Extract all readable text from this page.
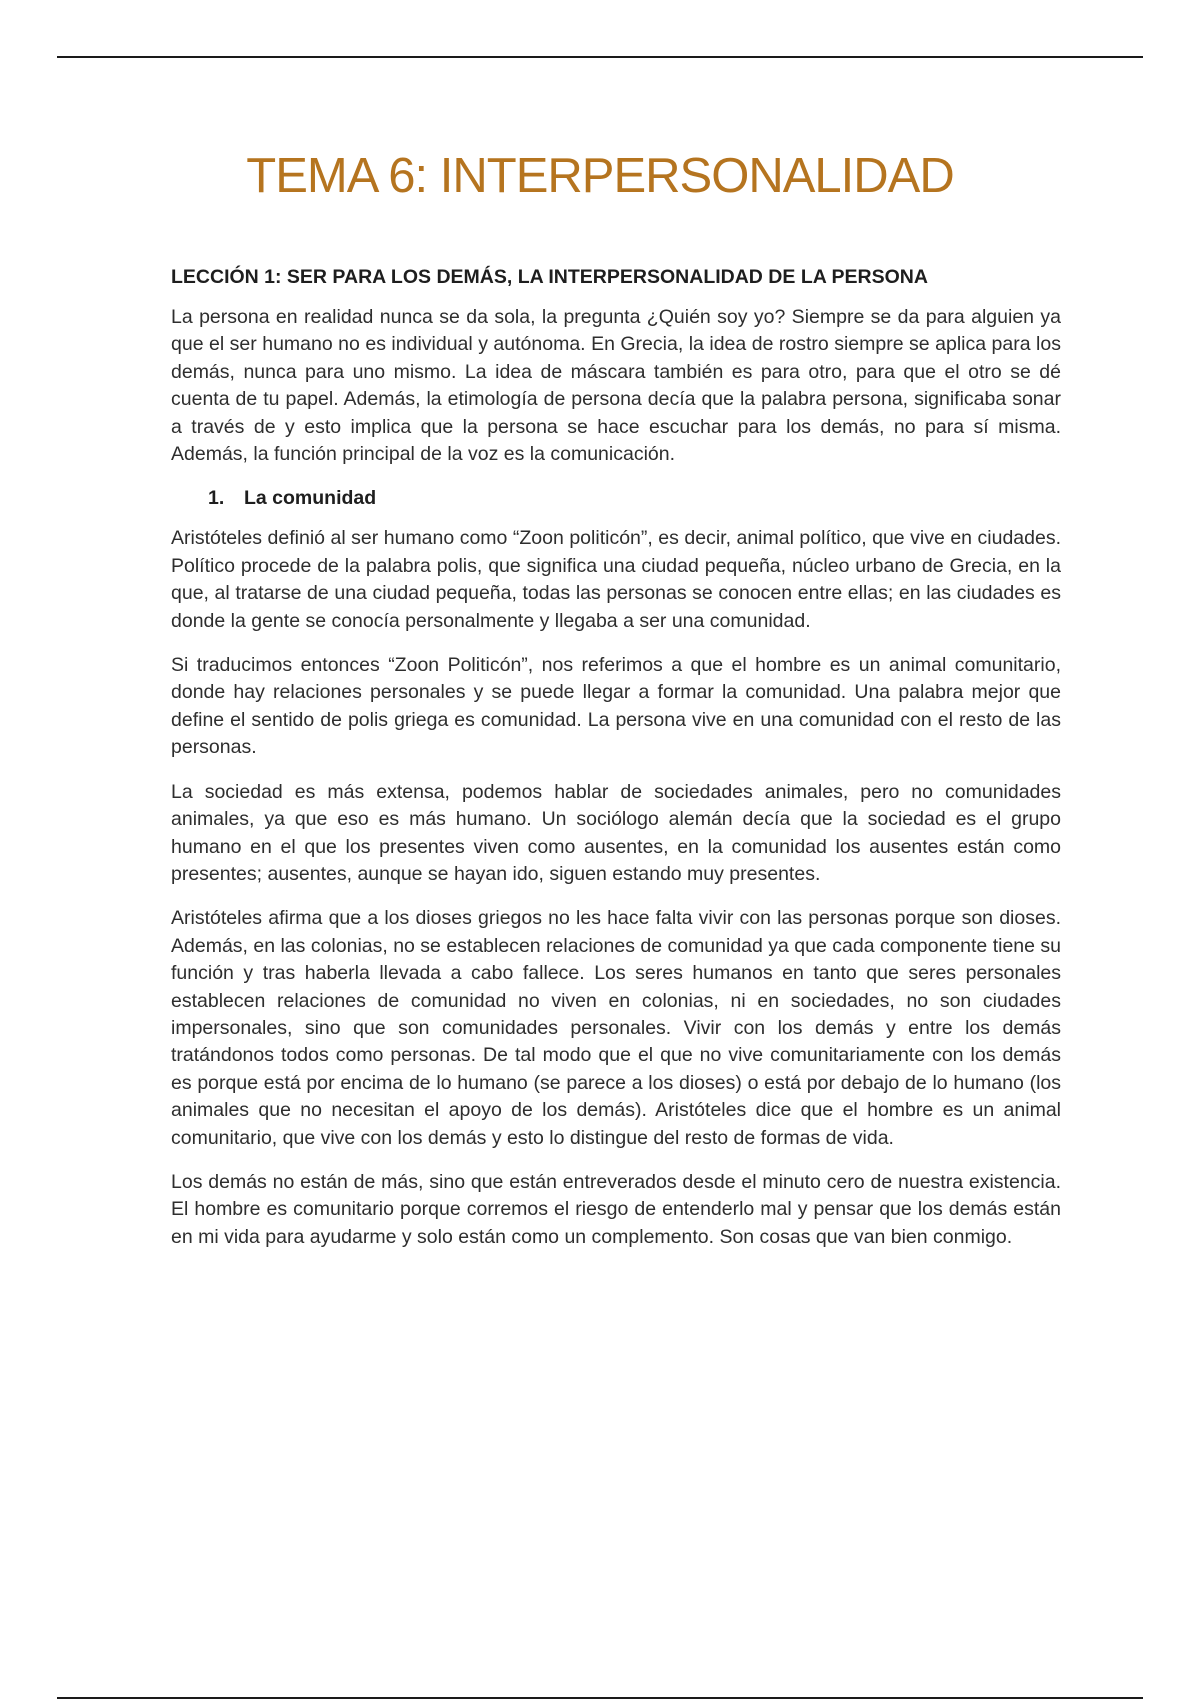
TEMA 6: INTERPERSONALIDAD
LECCIÓN 1: SER PARA LOS DEMÁS, LA INTERPERSONALIDAD DE LA PERSONA

La persona en realidad nunca se da sola, la pregunta ¿Quién soy yo? Siempre se da para alguien ya que el ser humano no es individual y autónoma. En Grecia, la idea de rostro siempre se aplica para los demás, nunca para uno mismo. La idea de máscara también es para otro, para que el otro se dé cuenta de tu papel. Además, la etimología de persona decía que la palabra persona, significaba sonar a través de y esto implica que la persona se hace escuchar para los demás, no para sí misma. Además, la función principal de la voz es la comunicación.

1. La comunidad

Aristóteles definió al ser humano como “Zoon politicón”, es decir, animal político, que vive en ciudades. Político procede de la palabra polis, que significa una ciudad pequeña, núcleo urbano de Grecia, en la que, al tratarse de una ciudad pequeña, todas las personas se conocen entre ellas; en las ciudades es donde la gente se conocía personalmente y llegaba a ser una comunidad.

Si traducimos entonces “Zoon Politicón”, nos referimos a que el hombre es un animal comunitario, donde hay relaciones personales y se puede llegar a formar la comunidad. Una palabra mejor que define el sentido de polis griega es comunidad. La persona vive en una comunidad con el resto de las personas.

La sociedad es más extensa, podemos hablar de sociedades animales, pero no comunidades animales, ya que eso es más humano. Un sociólogo alemán decía que la sociedad es el grupo humano en el que los presentes viven como ausentes, en la comunidad los ausentes están como presentes; ausentes, aunque se hayan ido, siguen estando muy presentes.

Aristóteles afirma que a los dioses griegos no les hace falta vivir con las personas porque son dioses. Además, en las colonias, no se establecen relaciones de comunidad ya que cada componente tiene su función y tras haberla llevada a cabo fallece. Los seres humanos en tanto que seres personales establecen relaciones de comunidad no viven en colonias, ni en sociedades, no son ciudades impersonales, sino que son comunidades personales. Vivir con los demás y entre los demás tratándonos todos como personas. De tal modo que el que no vive comunitariamente con los demás es porque está por encima de lo humano (se parece a los dioses) o está por debajo de lo humano (los animales que no necesitan el apoyo de los demás). Aristóteles dice que el hombre es un animal comunitario, que vive con los demás y esto lo distingue del resto de formas de vida.

Los demás no están de más, sino que están entreverados desde el minuto cero de nuestra existencia. El hombre es comunitario porque corremos el riesgo de entenderlo mal y pensar que los demás están en mi vida para ayudarme y solo están como un complemento. Son cosas que van bien conmigo.
